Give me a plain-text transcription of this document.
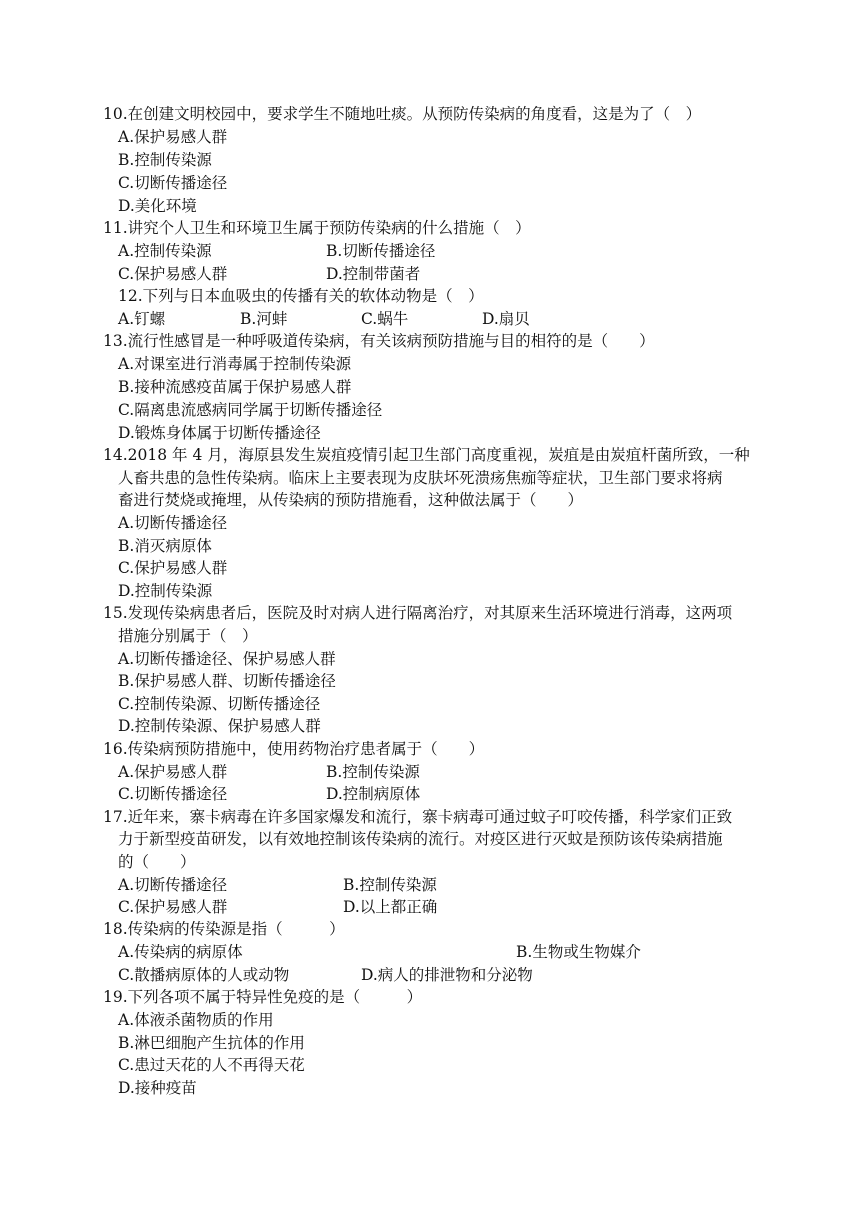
10.在创建文明校园中，要求学生不随地吐痰。从预防传染病的角度看，这是为了（　）
A.保护易感人群
B.控制传染源
C.切断传播途径
D.美化环境
11.讲究个人卫生和环境卫生属于预防传染病的什么措施（　）
A.控制传染源	B.切断传播途径
C.保护易感人群	D.控制带菌者
12.下列与日本血吸虫的传播有关的软体动物是（　）
A.钉螺	B.河蚌	C.蜗牛	D.扇贝
13.流行性感冒是一种呼吸道传染病，有关该病预防措施与目的相符的是（　　）
A.对课室进行消毒属于控制传染源
B.接种流感疫苗属于保护易感人群
C.隔离患流感病同学属于切断传播途径
D.锻炼身体属于切断传播途径
14.2018 年 4 月，海原县发生炭疽疫情引起卫生部门高度重视，炭疽是由炭疽杆菌所致，一种
人畜共患的急性传染病。临床上主要表现为皮肤坏死溃疡焦痂等症状，卫生部门要求将病
畜进行焚烧或掩埋，从传染病的预防措施看，这种做法属于（　　）
A.切断传播途径
B.消灭病原体
C.保护易感人群
D.控制传染源
15.发现传染病患者后，医院及时对病人进行隔离治疗，对其原来生活环境进行消毒，这两项
措施分别属于（　）
A.切断传播途径、保护易感人群
B.保护易感人群、切断传播途径
C.控制传染源、切断传播途径
D.控制传染源、保护易感人群
16.传染病预防措施中，使用药物治疗患者属于（　　）
A.保护易感人群	B.控制传染源
C.切断传播途径	D.控制病原体
17.近年来，寨卡病毒在许多国家爆发和流行，寨卡病毒可通过蚊子叮咬传播，科学家们正致
力于新型疫苗研发，以有效地控制该传染病的流行。对疫区进行灭蚊是预防该传染病措施
的（　　）
A.切断传播途径	B.控制传染源
C.保护易感人群	D.以上都正确
18.传染病的传染源是指（　　　）
A.传染病的病原体	B.生物或生物媒介
C.散播病原体的人或动物	D.病人的排泄物和分泌物
19.下列各项不属于特异性免疫的是（　　　）
A.体液杀菌物质的作用
B.淋巴细胞产生抗体的作用
C.患过天花的人不再得天花
D.接种疫苗
